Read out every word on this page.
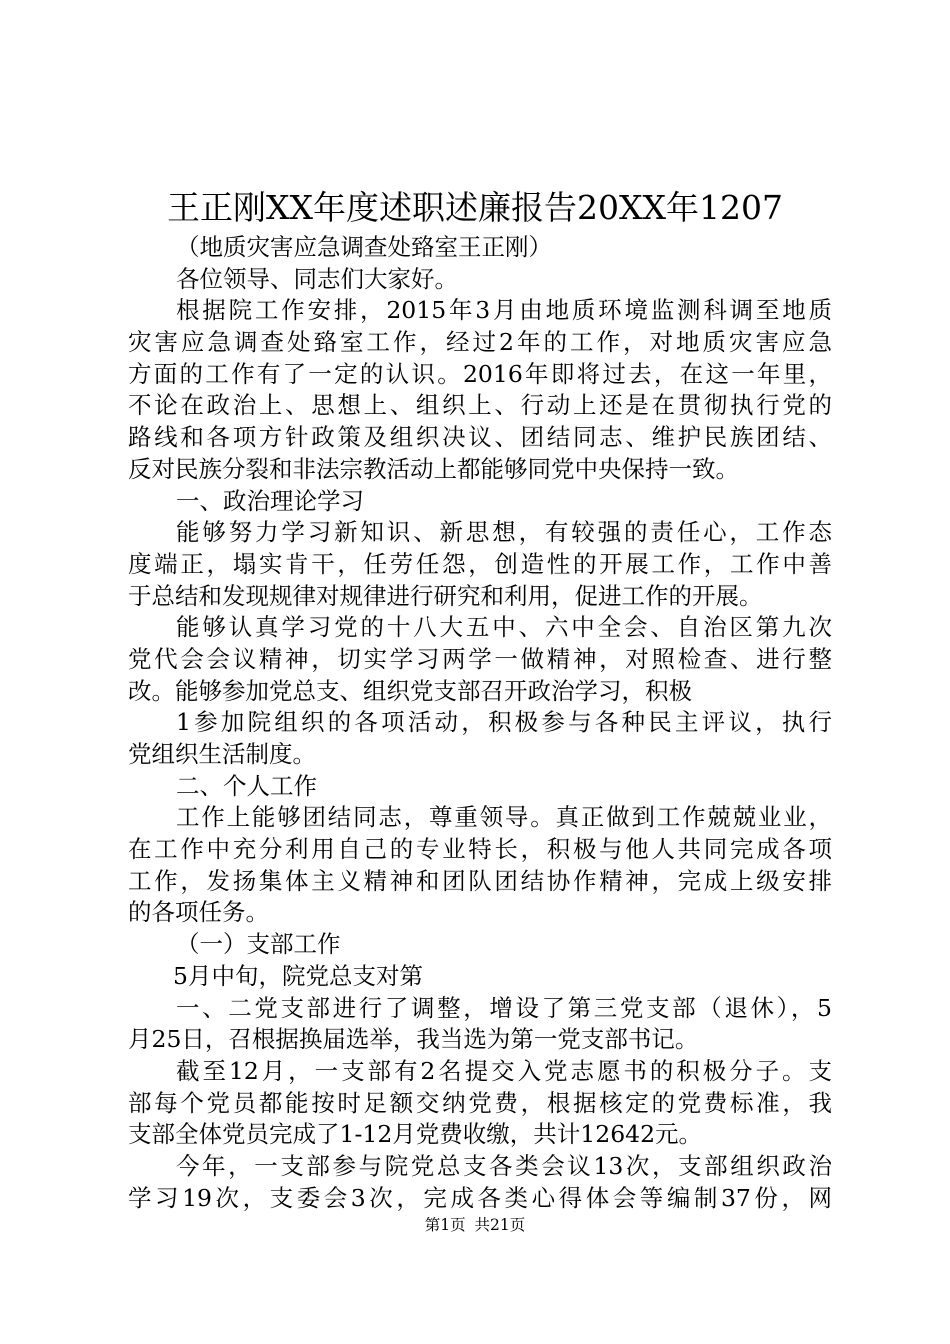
王正刚XX年度述职述廉报告20XX年1207
（地质灾害应急调查处臵室王正刚）
各位领导、同志们大家好。
根据院工作安排，2015年3月由地质环境监测科调至地质
灾害应急调查处臵室工作，经过2年的工作，对地质灾害应急
方面的工作有了一定的认识。2016年即将过去，在这一年里，
不论在政治上、思想上、组织上、行动上还是在贯彻执行党的
路线和各项方针政策及组织决议、团结同志、维护民族团结、
反对民族分裂和非法宗教活动上都能够同党中央保持一致。
一、政治理论学习
能够努力学习新知识、新思想，有较强的责任心，工作态
度端正，塌实肯干，任劳任怨，创造性的开展工作，工作中善
于总结和发现规律对规律进行研究和利用，促进工作的开展。
能够认真学习党的十八大五中、六中全会、自治区第九次
党代会会议精神，切实学习两学一做精神，对照检查、进行整
改。能够参加党总支、组织党支部召开政治学习，积极
1参加院组织的各项活动，积极参与各种民主评议，执行
党组织生活制度。
二、个人工作
工作上能够团结同志，尊重领导。真正做到工作兢兢业业，
在工作中充分利用自己的专业特长，积极与他人共同完成各项
工作，发扬集体主义精神和团队团结协作精神，完成上级安排
的各项任务。
（一）支部工作
5月中旬，院党总支对第
一、二党支部进行了调整，增设了第三党支部（退休），5
月25日，召根据换届选举，我当选为第一党支部书记。
截至12月，一支部有2名提交入党志愿书的积极分子。支
部每个党员都能按时足额交纳党费，根据核定的党费标准，我
支部全体党员完成了1-12月党费收缴，共计12642元。
今年，一支部参与院党总支各类会议13次，支部组织政治
学习19次，支委会3次，完成各类心得体会等编制37份，网
第1页 共21页
